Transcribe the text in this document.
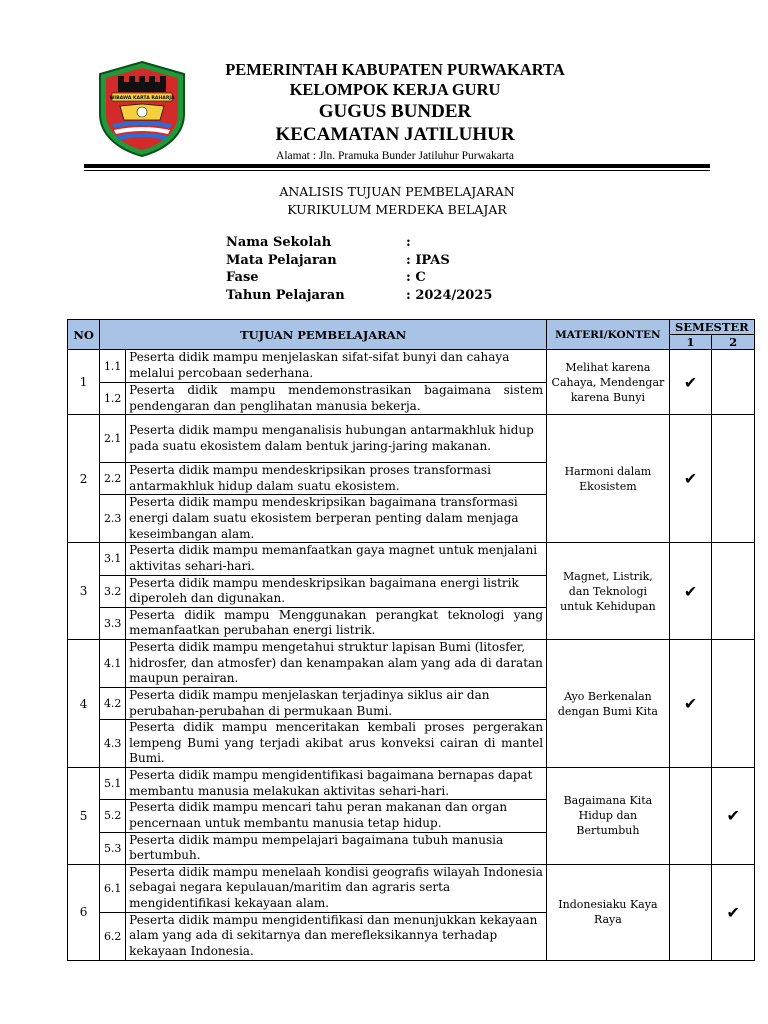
WIBAWA KARTA RAHARJA
PEMERINTAH KABUPATEN PURWAKARTA
KELOMPOK KERJA GURU
GUGUS BUNDER
KECAMATAN JATILUHUR
Alamat : Jln. Pramuka Bunder Jatiluhur Purwakarta
ANALISIS TUJUAN PEMBELAJARAN
KURIKULUM MERDEKA BELAJAR
Nama Sekolah	:
Mata Pelajaran	: IPAS
Fase	: C
Tahun Pelajaran	: 2024/2025
NO	TUJUAN PEMBELAJARAN		MATERI/KONTEN	SEMESTER	
				1	2
1	1.1	Peserta didik mampu menjelaskan sifat-sifat bunyi dan cahaya melalui percobaan sederhana.	Melihat karena Cahaya, Mendengar karena Bunyi	✔	
	1.2	Peserta didik mampu mendemonstrasikan bagaimana sistem pendengaran dan penglihatan manusia bekerja.			
2	2.1	Peserta didik mampu menganalisis hubungan antarmakhluk hidup pada suatu ekosistem dalam bentuk jaring-jaring makanan.	Harmoni dalam Ekosistem	✔	
	2.2	Peserta didik mampu mendeskripsikan proses transformasi antarmakhluk hidup dalam suatu ekosistem.			
	2.3	Peserta didik mampu mendeskripsikan bagaimana transformasi energi dalam suatu ekosistem berperan penting dalam menjaga keseimbangan alam.			
3	3.1	Peserta didik mampu memanfaatkan gaya magnet untuk menjalani aktivitas sehari-hari.	Magnet, Listrik, dan Teknologi untuk Kehidupan	✔	
	3.2	Peserta didik mampu mendeskripsikan bagaimana energi listrik diperoleh dan digunakan.			
	3.3	Peserta didik mampu Menggunakan perangkat teknologi yang memanfaatkan perubahan energi listrik.			
4	4.1	Peserta didik mampu mengetahui struktur lapisan Bumi (litosfer, hidrosfer, dan atmosfer) dan kenampakan alam yang ada di daratan maupun perairan.	Ayo Berkenalan dengan Bumi Kita	✔	
	4.2	Peserta didik mampu menjelaskan terjadinya siklus air dan perubahan-perubahan di permukaan Bumi.			
	4.3	Peserta didik mampu menceritakan kembali proses pergerakan lempeng Bumi yang terjadi akibat arus konveksi cairan di mantel Bumi.			
5	5.1	Peserta didik mampu mengidentifikasi bagaimana bernapas dapat membantu manusia melakukan aktivitas sehari-hari.	Bagaimana Kita Hidup dan Bertumbuh		✔
	5.2	Peserta didik mampu mencari tahu peran makanan dan organ pencernaan untuk membantu manusia tetap hidup.			
	5.3	Peserta didik mampu mempelajari bagaimana tubuh manusia bertumbuh.			
6	6.1	Peserta didik mampu menelaah kondisi geografis wilayah Indonesia sebagai negara kepulauan/maritim dan agraris serta mengidentifikasi kekayaan alam.	Indonesiaku Kaya Raya		✔
	6.2	Peserta didik mampu mengidentifikasi dan menunjukkan kekayaan alam yang ada di sekitarnya dan merefleksikannya terhadap kekayaan Indonesia.			
